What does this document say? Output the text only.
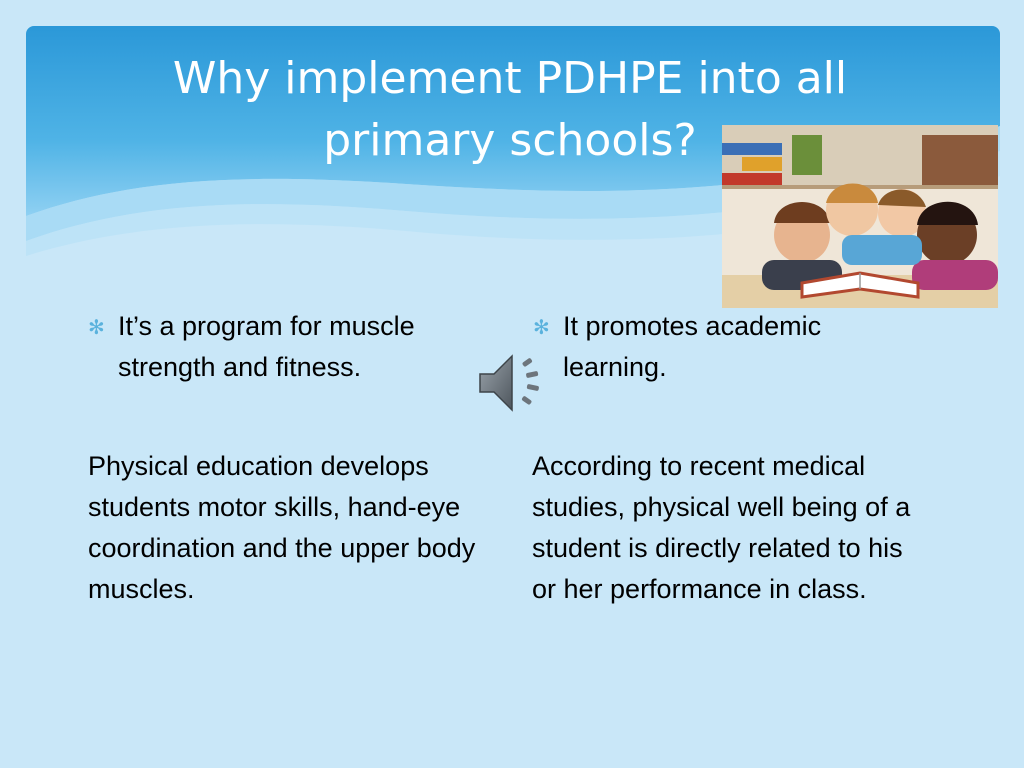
Why implement PDHPE into all
primary schools?
✻ It’s a program for muscle strength and fitness.

Physical education develops students motor skills, hand-eye coordination and the upper body muscles.

✻ It promotes academic learning.

According to recent medical studies, physical well being of a student is directly related to his or her performance in class.
